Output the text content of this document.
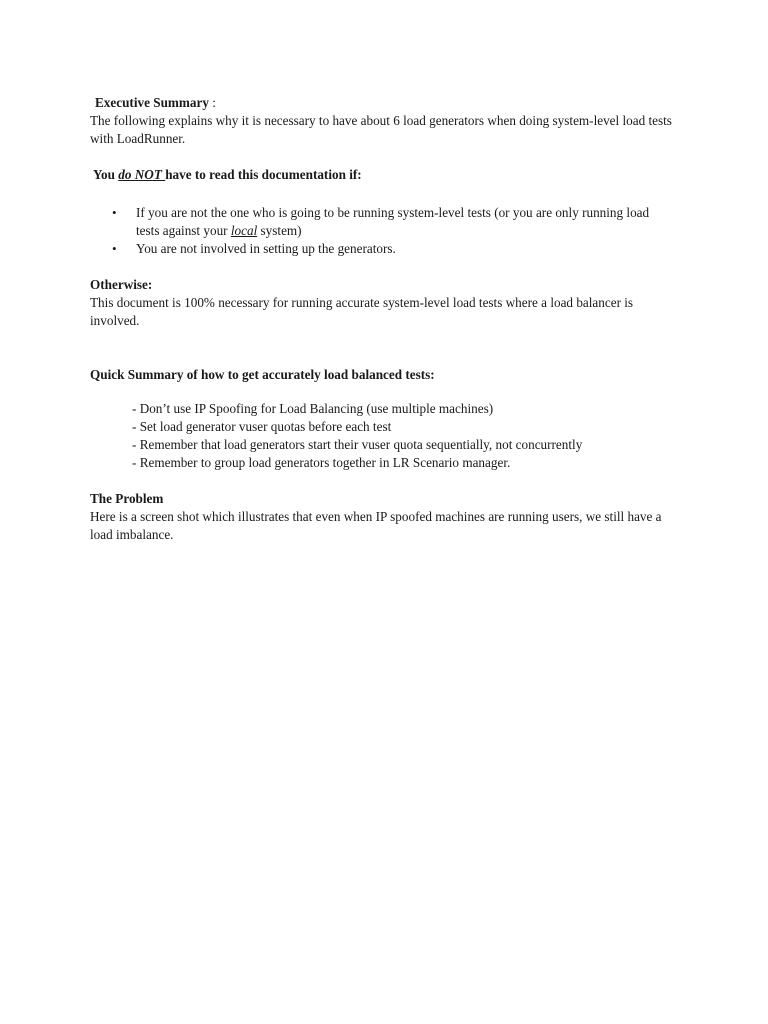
Executive Summary :
The following explains why it is necessary to have about 6 load generators when doing system-level load tests with LoadRunner.
You do NOT have to read this documentation if:
• If you are not the one who is going to be running system-level tests (or you are only running load tests against your local system)
• You are not involved in setting up the generators.
Otherwise:
This document is 100% necessary for running accurate system-level load tests where a load balancer is involved.
Quick Summary of how to get accurately load balanced tests:
- Don’t use IP Spoofing for Load Balancing (use multiple machines)
- Set load generator vuser quotas before each test
- Remember that load generators start their vuser quota sequentially, not concurrently
- Remember to group load generators together in LR Scenario manager.
The Problem
Here is a screen shot which illustrates that even when IP spoofed machines are running users, we still have a load imbalance.
